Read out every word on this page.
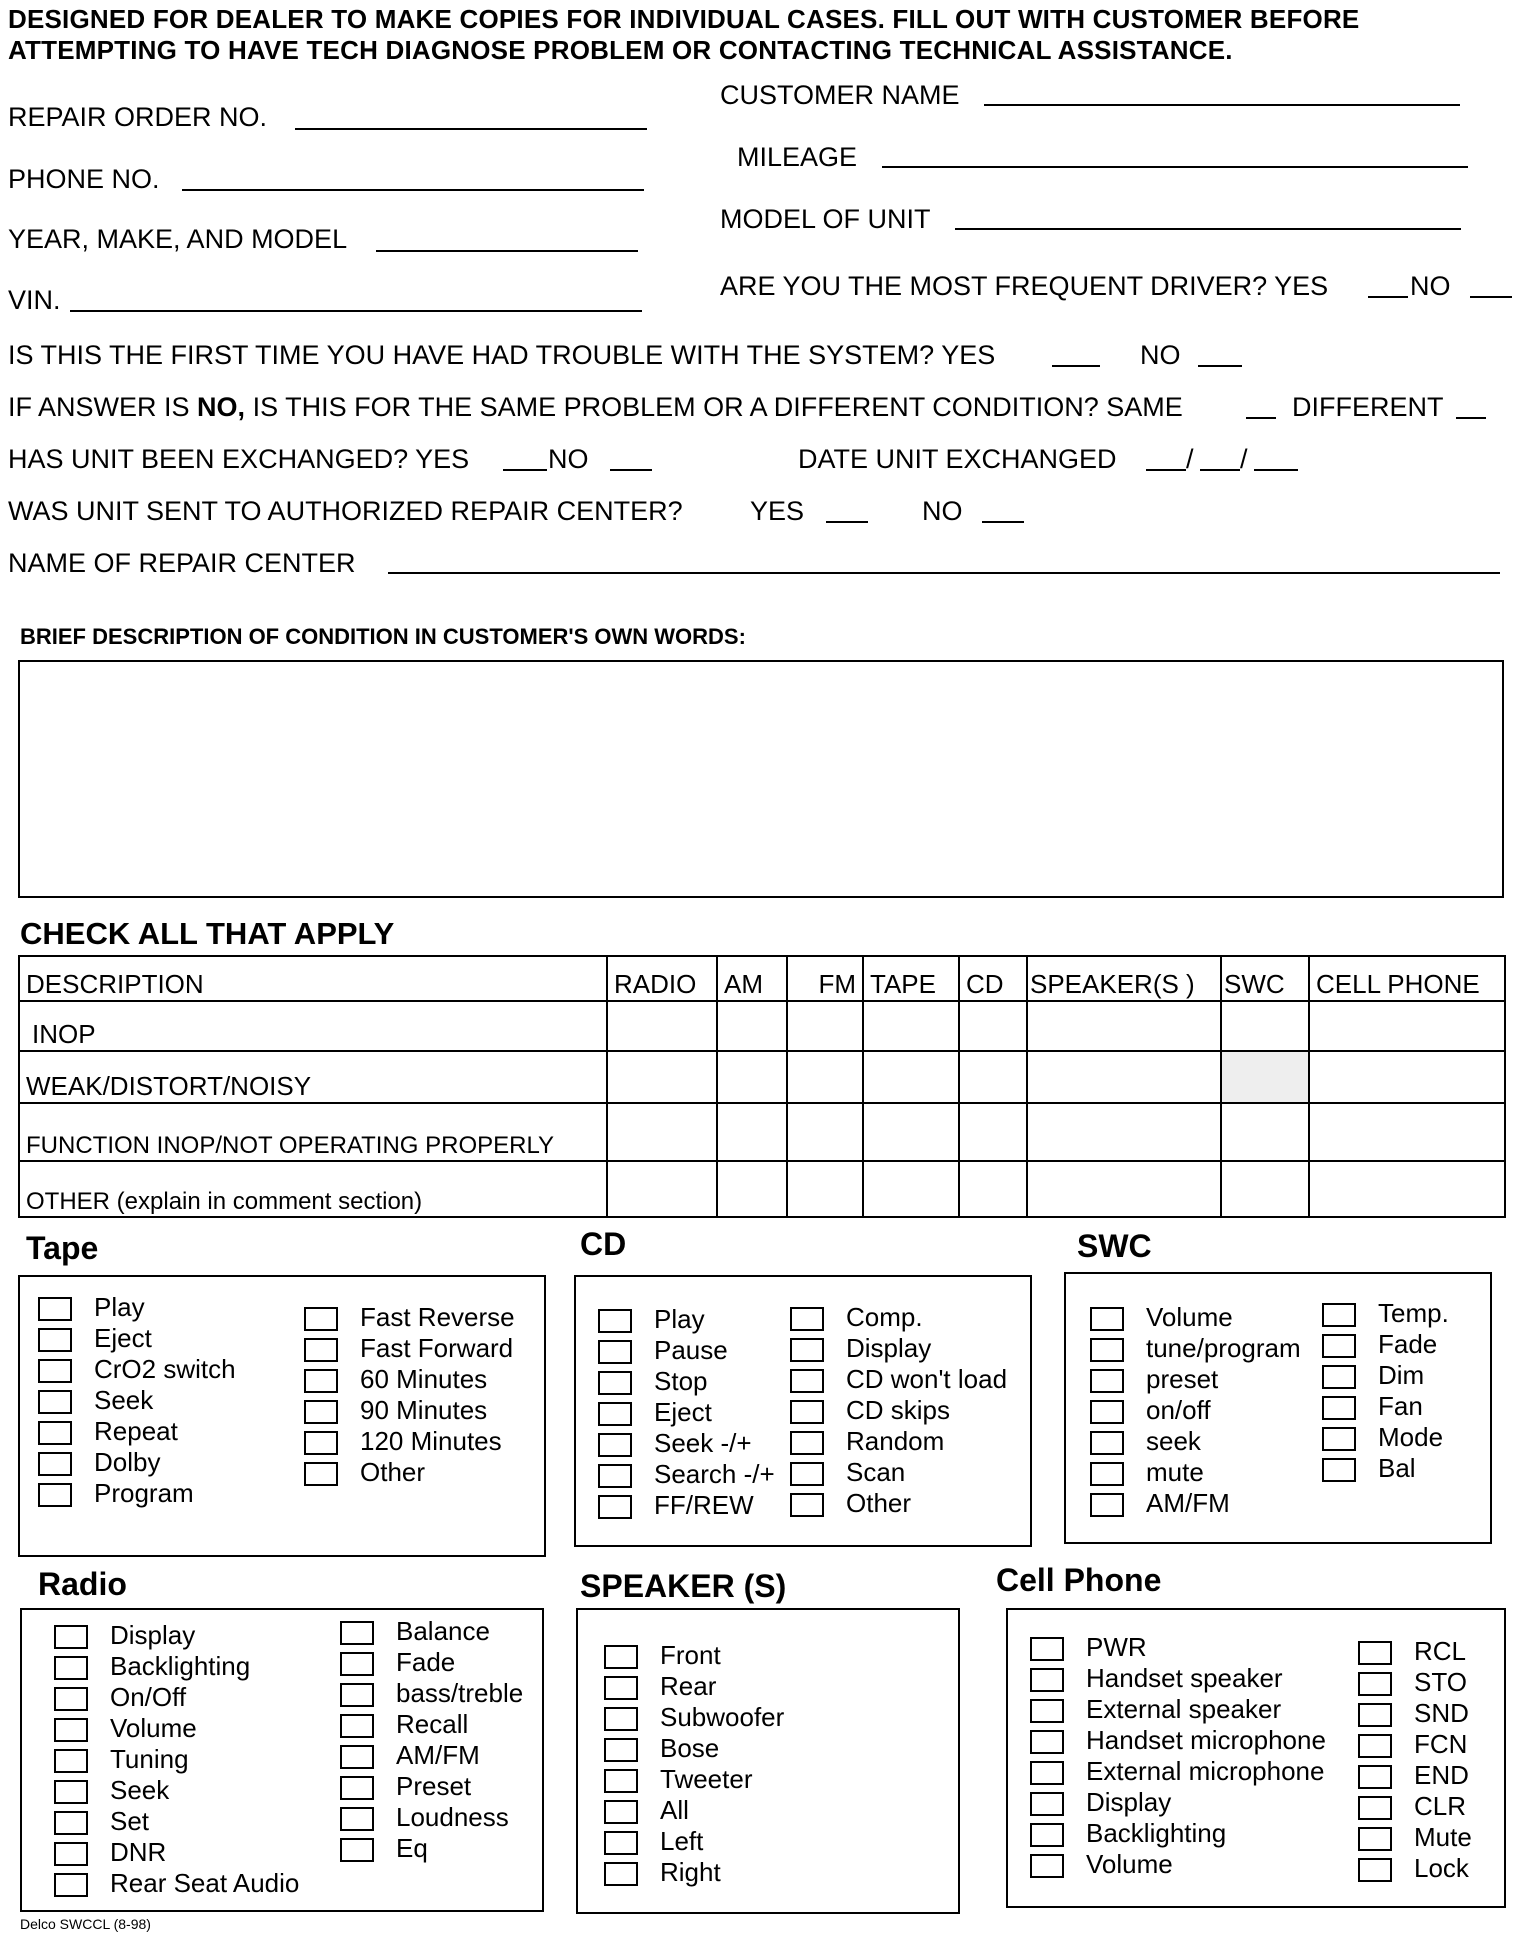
DESIGNED FOR DEALER TO MAKE COPIES FOR INDIVIDUAL CASES. FILL OUT WITH CUSTOMER BEFORE
ATTEMPTING TO HAVE TECH DIAGNOSE PROBLEM OR CONTACTING TECHNICAL ASSISTANCE.
REPAIR ORDER NO.
PHONE NO.
YEAR, MAKE, AND MODEL
VIN.
CUSTOMER NAME
MILEAGE
MODEL OF UNIT
ARE YOU THE MOST FREQUENT DRIVER? YES	NO
IS THIS THE FIRST TIME YOU HAVE HAD TROUBLE WITH THE SYSTEM? YES	NO
IF ANSWER IS NO, IS THIS FOR THE SAME PROBLEM OR A DIFFERENT CONDITION? SAME	DIFFERENT
HAS UNIT BEEN EXCHANGED? YES	NO	DATE UNIT EXCHANGED	/ /
WAS UNIT SENT TO AUTHORIZED REPAIR CENTER? YES	NO
NAME OF REPAIR CENTER
BRIEF DESCRIPTION OF CONDITION IN CUSTOMER'S OWN WORDS:
CHECK ALL THAT APPLY
DESCRIPTION	RADIO	AM	FM	TAPE	CD	SPEAKER(S )	SWC	CELL PHONE
INOP								
WEAK/DISTORT/NOISY								
FUNCTION INOP/NOT OPERATING PROPERLY								
OTHER (explain in comment section)								
Tape	CD	SWC
Radio	SPEAKER (S)	Cell Phone
Play
Eject
CrO2 switch
Seek
Repeat
Dolby
Program
Fast Reverse
Fast Forward
60 Minutes
90 Minutes
120 Minutes
Other
Play
Pause
Stop
Eject
Seek -/+
Search -/+
FF/REW
Comp.
Display
CD won't load
CD skips
Random
Scan
Other
Volume
tune/program
preset
on/off
seek
mute
AM/FM
Temp.
Fade
Dim
Fan
Mode
Bal
Display
Backlighting
On/Off
Volume
Tuning
Seek
Set
DNR
Rear Seat Audio
Balance
Fade
bass/treble
Recall
AM/FM
Preset
Loudness
Eq
Front
Rear
Subwoofer
Bose
Tweeter
All
Left
Right
PWR
Handset speaker
External speaker
Handset microphone
External microphone
Display
Backlighting
Volume
RCL
STO
SND
FCN
END
CLR
Mute
Lock
Delco SWCCL (8-98)
